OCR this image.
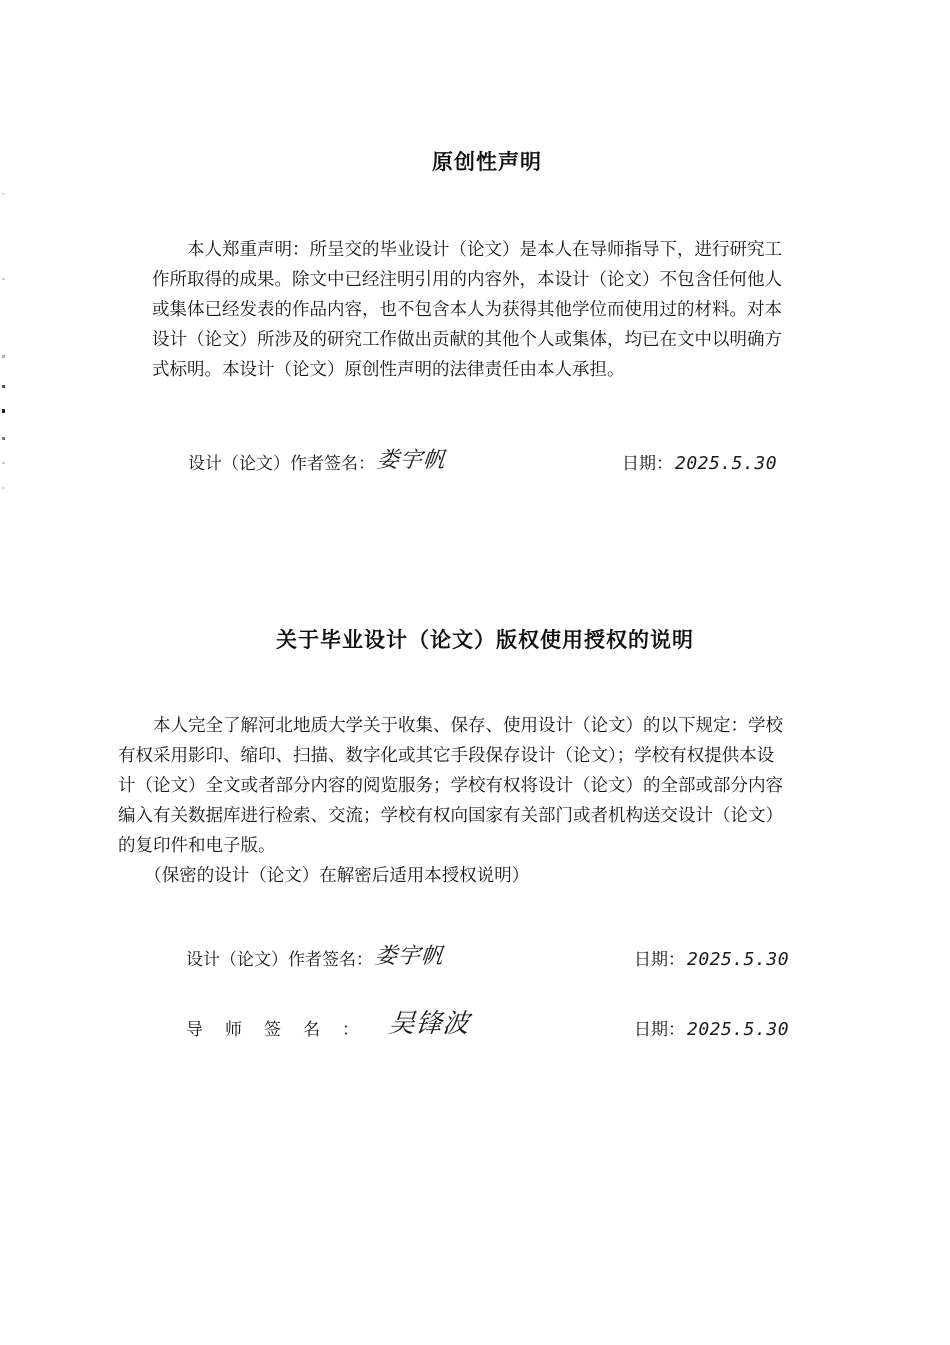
原创性声明
　　本人郑重声明：所呈交的毕业设计（论文）是本人在导师指导下，进行研究工
作所取得的成果。除文中已经注明引用的内容外，本设计（论文）不包含任何他人
或集体已经发表的作品内容，也不包含本人为获得其他学位而使用过的材料。对本
设计（论文）所涉及的研究工作做出贡献的其他个人或集体，均已在文中以明确方
式标明。本设计（论文）原创性声明的法律责任由本人承担。
设计（论文）作者签名： 娄宇帆	日期： 2025.5.30
关于毕业设计（论文）版权使用授权的说明
　　本人完全了解河北地质大学关于收集、保存、使用设计（论文）的以下规定：学校
有权采用影印、缩印、扫描、数字化或其它手段保存设计（论文）；学校有权提供本设
计（论文）全文或者部分内容的阅览服务；学校有权将设计（论文）的全部或部分内容
编入有关数据库进行检索、交流；学校有权向国家有关部门或者机构送交设计（论文）
的复印件和电子版。
　　（保密的设计（论文）在解密后适用本授权说明）
设计（论文）作者签名： 娄宇帆	日期： 2025.5.30
导师签名： 吴锋波	日期： 2025.5.30
